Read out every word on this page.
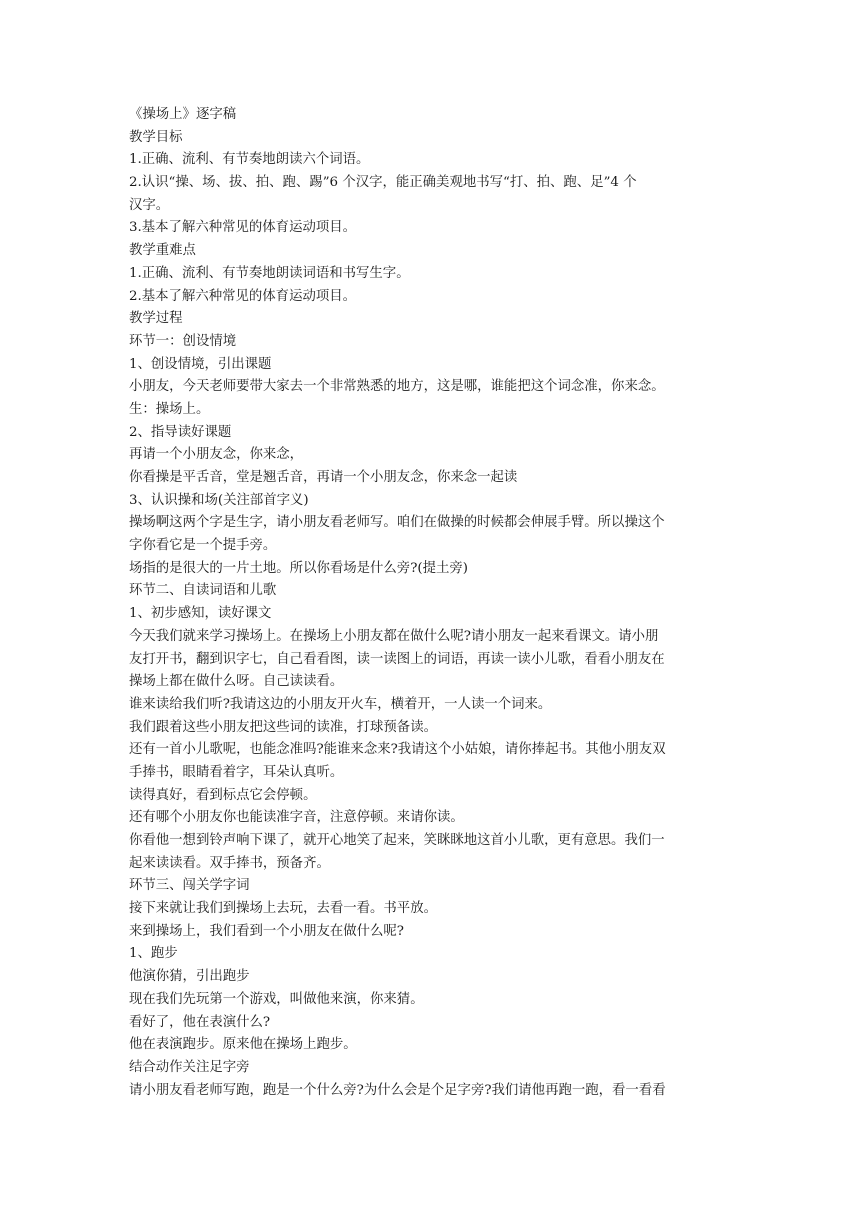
《操场上》逐字稿
教学目标
1.正确、流利、有节奏地朗读六个词语。
2.认识“操、场、拔、拍、跑、踢”6 个汉字，能正确美观地书写“打、拍、跑、足”4 个
汉字。
3.基本了解六种常见的体育运动项目。
教学重难点
1.正确、流利、有节奏地朗读词语和书写生字。
2.基本了解六种常见的体育运动项目。
教学过程
环节一：创设情境
1、创设情境，引出课题
小朋友，今天老师要带大家去一个非常熟悉的地方，这是哪，谁能把这个词念准，你来念。
生：操场上。
2、指导读好课题
再请一个小朋友念，你来念，
你看操是平舌音，堂是翘舌音，再请一个小朋友念，你来念一起读
3、认识操和场(关注部首字义)
操场啊这两个字是生字，请小朋友看老师写。咱们在做操的时候都会伸展手臂。所以操这个
字你看它是一个提手旁。
场指的是很大的一片土地。所以你看场是什么旁?(提土旁)
环节二、自读词语和儿歌
1、初步感知，读好课文
今天我们就来学习操场上。在操场上小朋友都在做什么呢?请小朋友一起来看课文。请小朋
友打开书，翻到识字七，自己看看图，读一读图上的词语，再读一读小儿歌，看看小朋友在
操场上都在做什么呀。自己读读看。
谁来读给我们听?我请这边的小朋友开火车，横着开，一人读一个词来。
我们跟着这些小朋友把这些词的读准，打球预备读。
还有一首小儿歌呢，也能念准吗?能谁来念来?我请这个小姑娘，请你捧起书。其他小朋友双
手捧书，眼睛看着字，耳朵认真听。
读得真好，看到标点它会停顿。
还有哪个小朋友你也能读准字音，注意停顿。来请你读。
你看他一想到铃声响下课了，就开心地笑了起来，笑眯眯地这首小儿歌，更有意思。我们一
起来读读看。双手捧书，预备齐。
环节三、闯关学字词
接下来就让我们到操场上去玩，去看一看。书平放。
来到操场上，我们看到一个小朋友在做什么呢?
1、跑步
他演你猜，引出跑步
现在我们先玩第一个游戏，叫做他来演，你来猜。
看好了，他在表演什么?
他在表演跑步。原来他在操场上跑步。
结合动作关注足字旁
请小朋友看老师写跑，跑是一个什么旁?为什么会是个足字旁?我们请他再跑一跑，看一看看
